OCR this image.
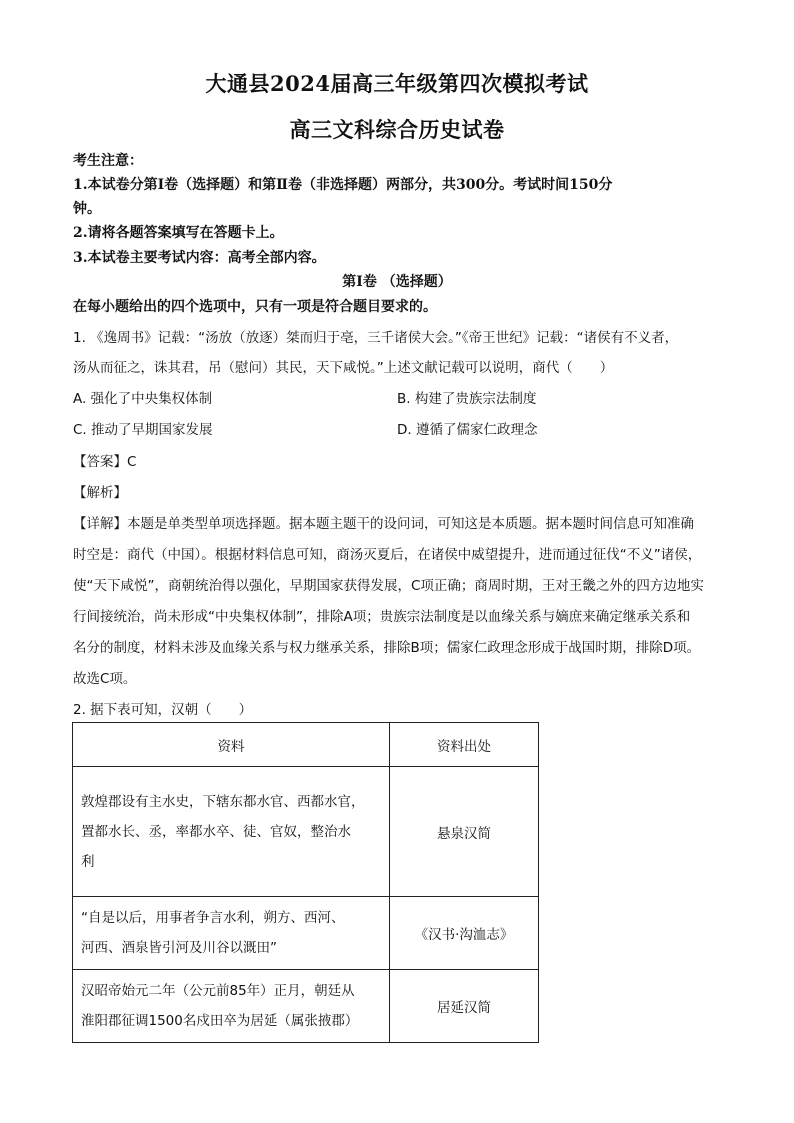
大通县2024届高三年级第四次模拟考试
高三文科综合历史试卷
考生注意：
1.本试卷分第Ⅰ卷（选择题）和第Ⅱ卷（非选择题）两部分，共300分。考试时间150分
钟。
2.请将各题答案填写在答题卡上。
3.本试卷主要考试内容：高考全部内容。
第Ⅰ卷 （选择题）
在每小题给出的四个选项中，只有一项是符合题目要求的。
1. 《逸周书》记载：“汤放（放逐）桀而归于亳，三千诸侯大会。”《帝王世纪》记载：“诸侯有不义者，
汤从而征之，诛其君，吊（慰问）其民，天下咸悦。”上述文献记载可以说明，商代（　　）
A. 强化了中央集权体制	B. 构建了贵族宗法制度
C. 推动了早期国家发展	D. 遵循了儒家仁政理念
【答案】C
【解析】
【详解】本题是单类型单项选择题。据本题主题干的设问词，可知这是本质题。据本题时间信息可知准确
时空是：商代（中国）。根据材料信息可知，商汤灭夏后，在诸侯中威望提升，进而通过征伐“不义”诸侯，
使“天下咸悦”，商朝统治得以强化，早期国家获得发展，C项正确；商周时期，王对王畿之外的四方边地实
行间接统治，尚未形成“中央集权体制”，排除A项；贵族宗法制度是以血缘关系与嫡庶来确定继承关系和
名分的制度，材料未涉及血缘关系与权力继承关系，排除B项；儒家仁政理念形成于战国时期，排除D项。
故选C项。
2. 据下表可知，汉朝（　　）
资料	资料出处

敦煌郡设有主水史，下辖东都水官、西都水官，
置都水长、丞，率都水卒、徒、官奴，整治水
利	悬泉汉简

“自是以后，用事者争言水利，朔方、西河、
河西、酒泉皆引河及川谷以溉田”	《汉书·沟洫志》

汉昭帝始元二年（公元前85年）正月，朝廷从
淮阳郡征调1500名戍田卒为居延（属张掖郡）	居延汉简
